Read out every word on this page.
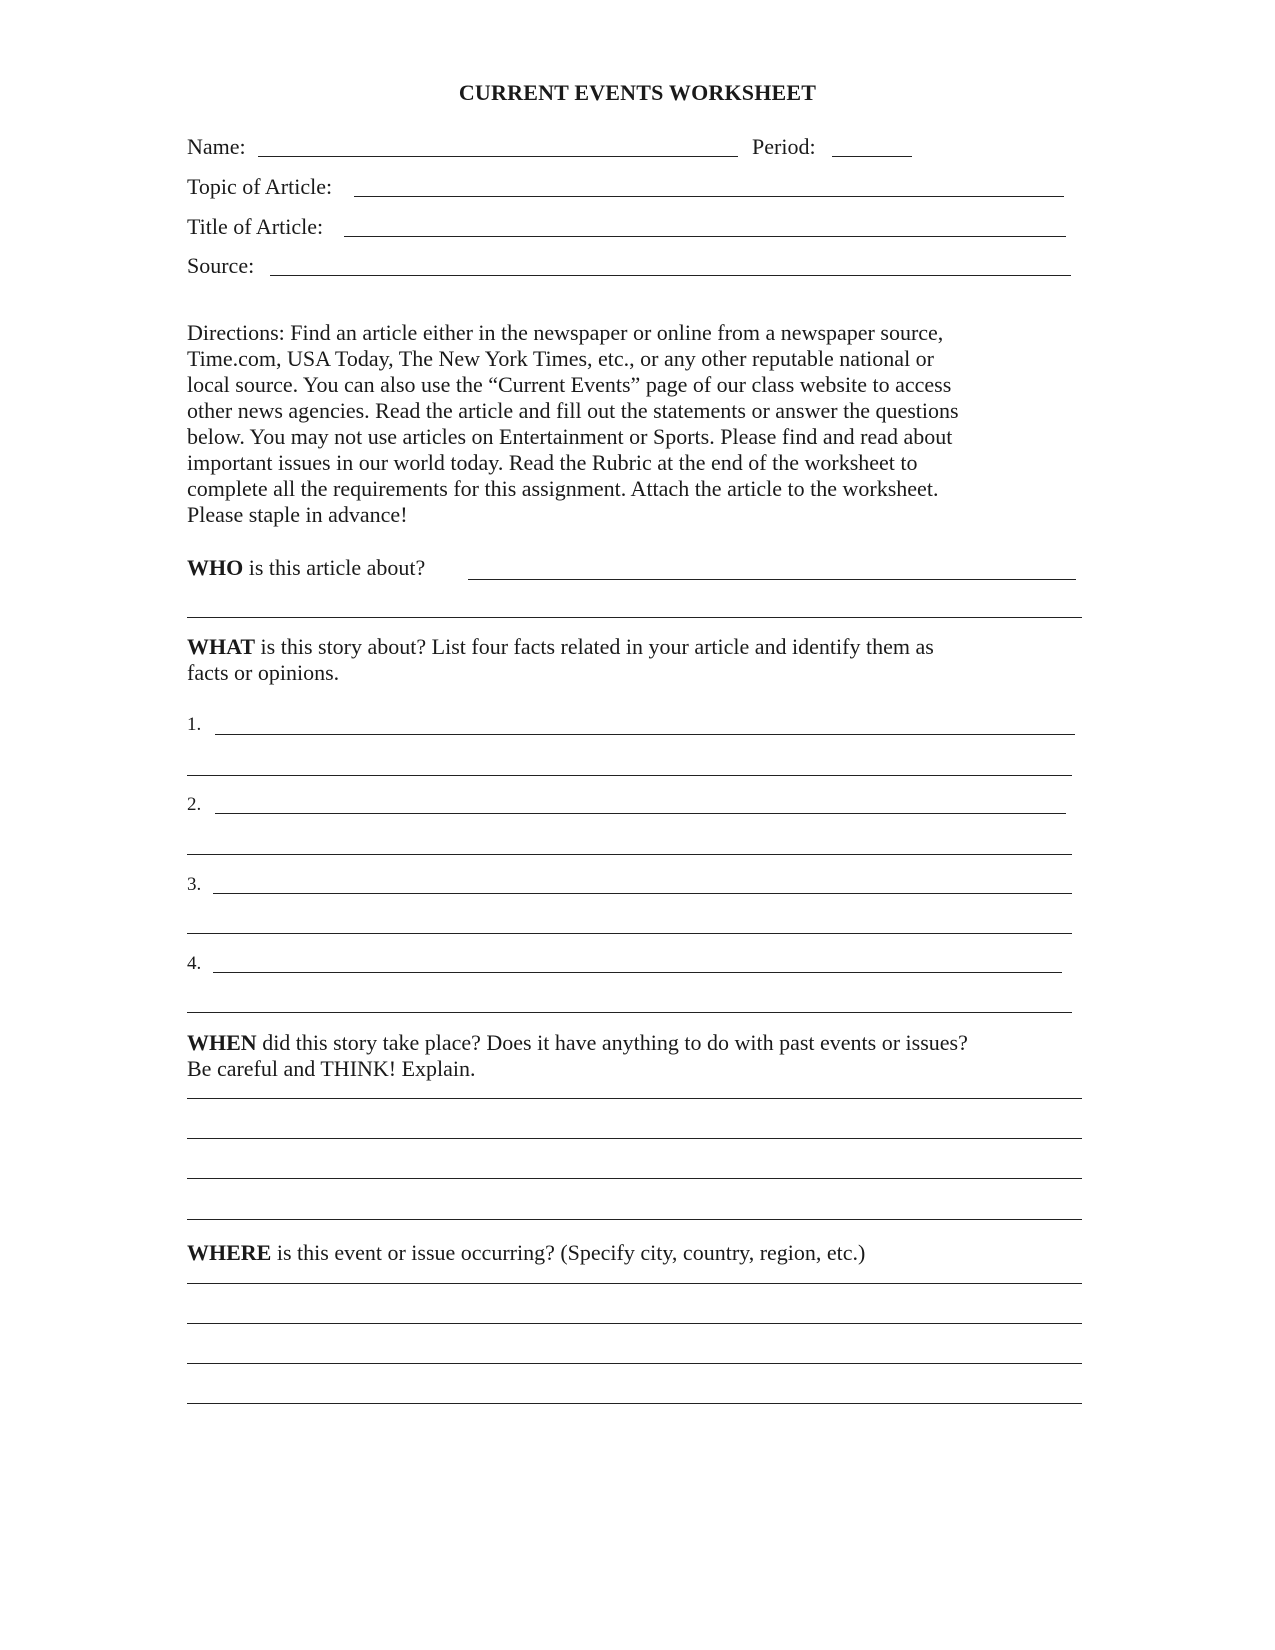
CURRENT EVENTS WORKSHEET
Name:	Period:
Topic of Article:
Title of Article:
Source:
Directions: Find an article either in the newspaper or online from a newspaper source,
Time.com, USA Today, The New York Times, etc., or any other reputable national or
local source. You can also use the “Current Events” page of our class website to access
other news agencies. Read the article and fill out the statements or answer the questions
below. You may not use articles on Entertainment or Sports. Please find and read about
important issues in our world today. Read the Rubric at the end of the worksheet to
complete all the requirements for this assignment. Attach the article to the worksheet.
Please staple in advance!
WHO is this article about?
WHAT is this story about? List four facts related in your article and identify them as
facts or opinions.
1.
2.
3.
4.
WHEN did this story take place? Does it have anything to do with past events or issues?
Be careful and THINK! Explain.
WHERE is this event or issue occurring? (Specify city, country, region, etc.)
